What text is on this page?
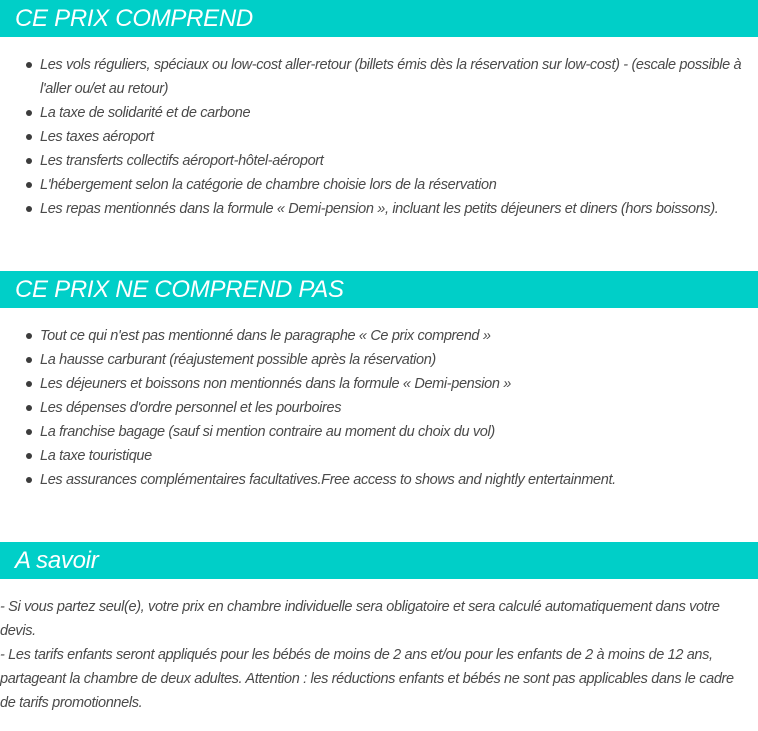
CE PRIX COMPREND
Les vols réguliers, spéciaux ou low-cost aller-retour (billets émis dès la réservation sur low-cost) - (escale possible à l'aller ou/et au retour)
La taxe de solidarité et de carbone
Les taxes aéroport
Les transferts collectifs aéroport-hôtel-aéroport
L'hébergement selon la catégorie de chambre choisie lors de la réservation
Les repas mentionnés dans la formule « Demi-pension », incluant les petits déjeuners et diners (hors boissons).
CE PRIX NE COMPREND PAS
Tout ce qui n'est pas mentionné dans le paragraphe « Ce prix comprend »
La hausse carburant (réajustement possible après la réservation)
Les déjeuners et boissons non mentionnés dans la formule « Demi-pension »
Les dépenses d'ordre personnel et les pourboires
La franchise bagage (sauf si mention contraire au moment du choix du vol)
La taxe touristique
Les assurances complémentaires facultatives.Free access to shows and nightly entertainment.
A savoir

- Si vous partez seul(e), votre prix en chambre individuelle sera obligatoire et sera calculé automatiquement dans votre devis.

- Les tarifs enfants seront appliqués pour les bébés de moins de 2 ans et/ou pour les enfants de 2 à moins de 12 ans, partageant la chambre de deux adultes. Attention : les réductions enfants et bébés ne sont pas applicables dans le cadre de tarifs promotionnels.
